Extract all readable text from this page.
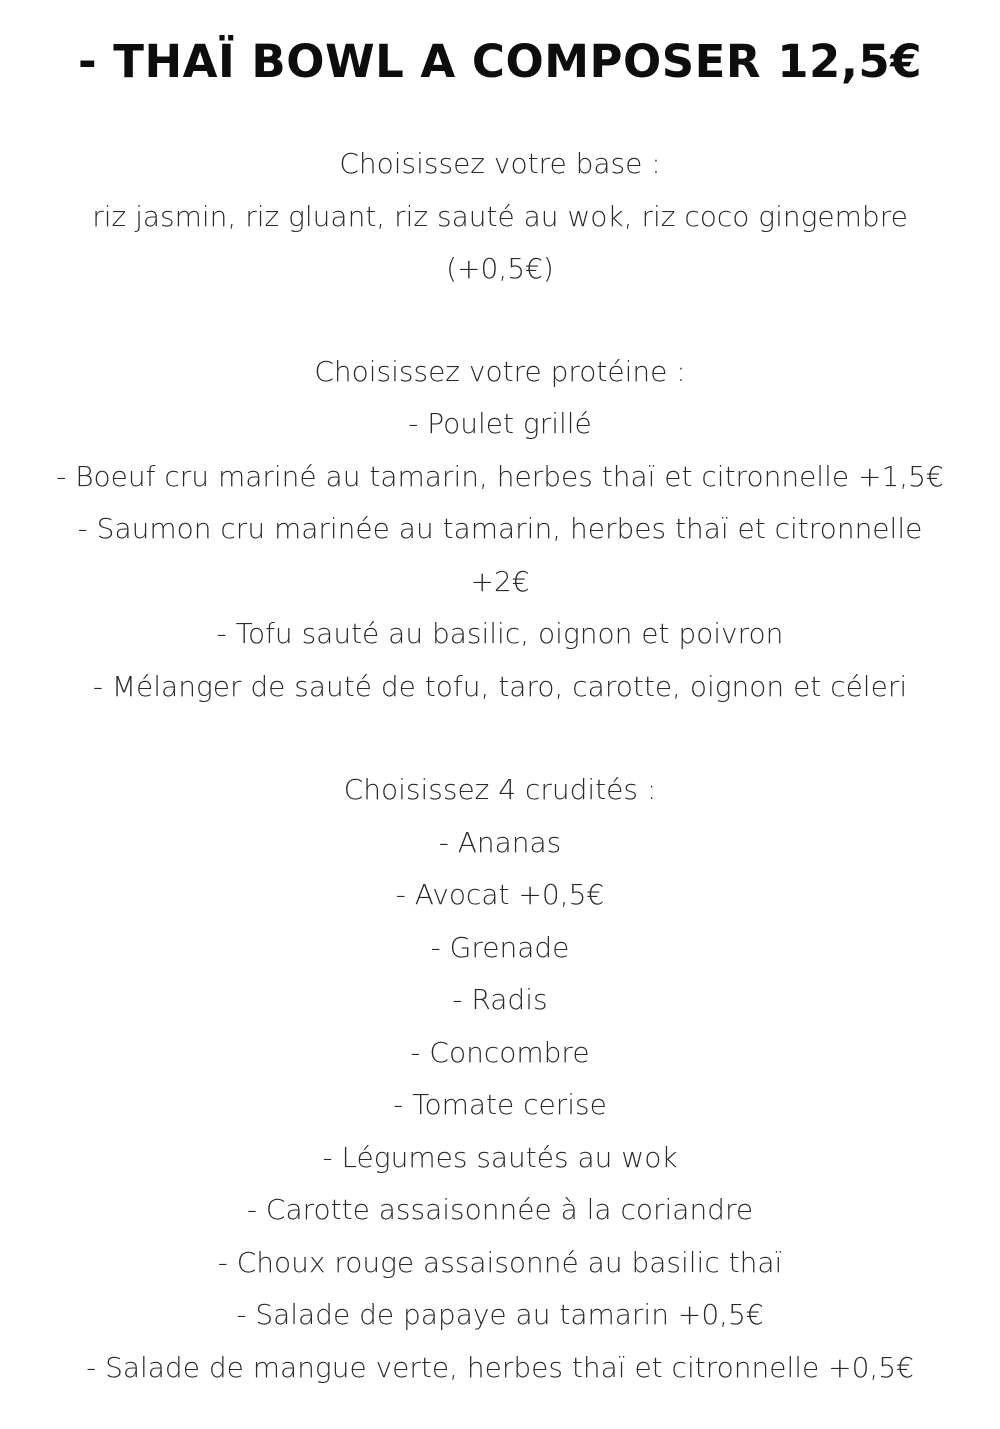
- THAÏ BOWL A COMPOSER 12,5€
Choisissez votre base :
riz jasmin, riz gluant, riz sauté au wok, riz coco gingembre
(+0,5€)
Choisissez votre protéine :
- Poulet grillé
- Boeuf cru mariné au tamarin, herbes thaï et citronnelle +1,5€
- Saumon cru marinée au tamarin, herbes thaï et citronnelle
+2€
- Tofu sauté au basilic, oignon et poivron
- Mélanger de sauté de tofu, taro, carotte, oignon et céleri
Choisissez 4 crudités :
- Ananas
- Avocat +0,5€
- Grenade
- Radis
- Concombre
- Tomate cerise
- Légumes sautés au wok
- Carotte assaisonnée à la coriandre
- Choux rouge assaisonné au basilic thaï
- Salade de papaye au tamarin +0,5€
- Salade de mangue verte, herbes thaï et citronnelle +0,5€
